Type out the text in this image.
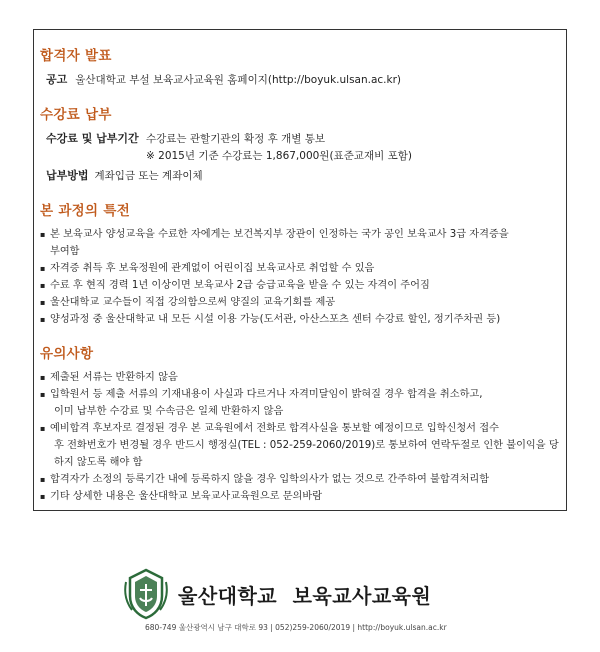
합격자 발표

공고 울산대학교 부설 보육교사교육원 홈페이지(http://boyuk.ulsan.ac.kr)

수강료 납부

수강료 및 납부기간 수강료는 관할기관의 확정 후 개별 통보

※ 2015년 기준 수강료는 1,867,000원(표준교재비 포함)

납부방법 계좌입금 또는 계좌이체

본 과정의 특전

▪ 본 보육교사 양성교육을 수료한 자에게는 보건복지부 장관이 인정하는 국가 공인 보육교사 3급 자격증을
부여함
▪ 자격증 취득 후 보육정원에 관계없이 어린이집 보육교사로 취업할 수 있음
▪ 수료 후 현직 경력 1년 이상이면 보육교사 2급 승급교육을 받을 수 있는 자격이 주어짐
▪ 울산대학교 교수들이 직접 강의함으로써 양질의 교육기회를 제공
▪ 양성과정 중 울산대학교 내 모든 시설 이용 가능(도서관, 아산스포츠 센터 수강료 할인, 정기주차권 등)

유의사항

▪ 제출된 서류는 반환하지 않음
▪ 입학원서 등 제출 서류의 기재내용이 사실과 다르거나 자격미달임이 밝혀질 경우 합격을 취소하고,
이미 납부한 수강료 및 수속금은 일체 반환하지 않음
▪ 예비합격 후보자로 결정된 경우 본 교육원에서 전화로 합격사실을 통보할 예정이므로 입학신청서 접수
후 전화번호가 변경될 경우 반드시 행정실(TEL : 052-259-2060/2019)로 통보하여 연락두절로 인한 불이익을 당하지 않도록 해야 함
▪ 합격자가 소정의 등록기간 내에 등록하지 않을 경우 입학의사가 없는 것으로 간주하여 불합격처리함
▪ 기타 상세한 내용은 울산대학교 보육교사교육원으로 문의바람
울산대학교 보육교사교육원
680-749 울산광역시 남구 대학로 93 | 052)259-2060/2019 | http://boyuk.ulsan.ac.kr
